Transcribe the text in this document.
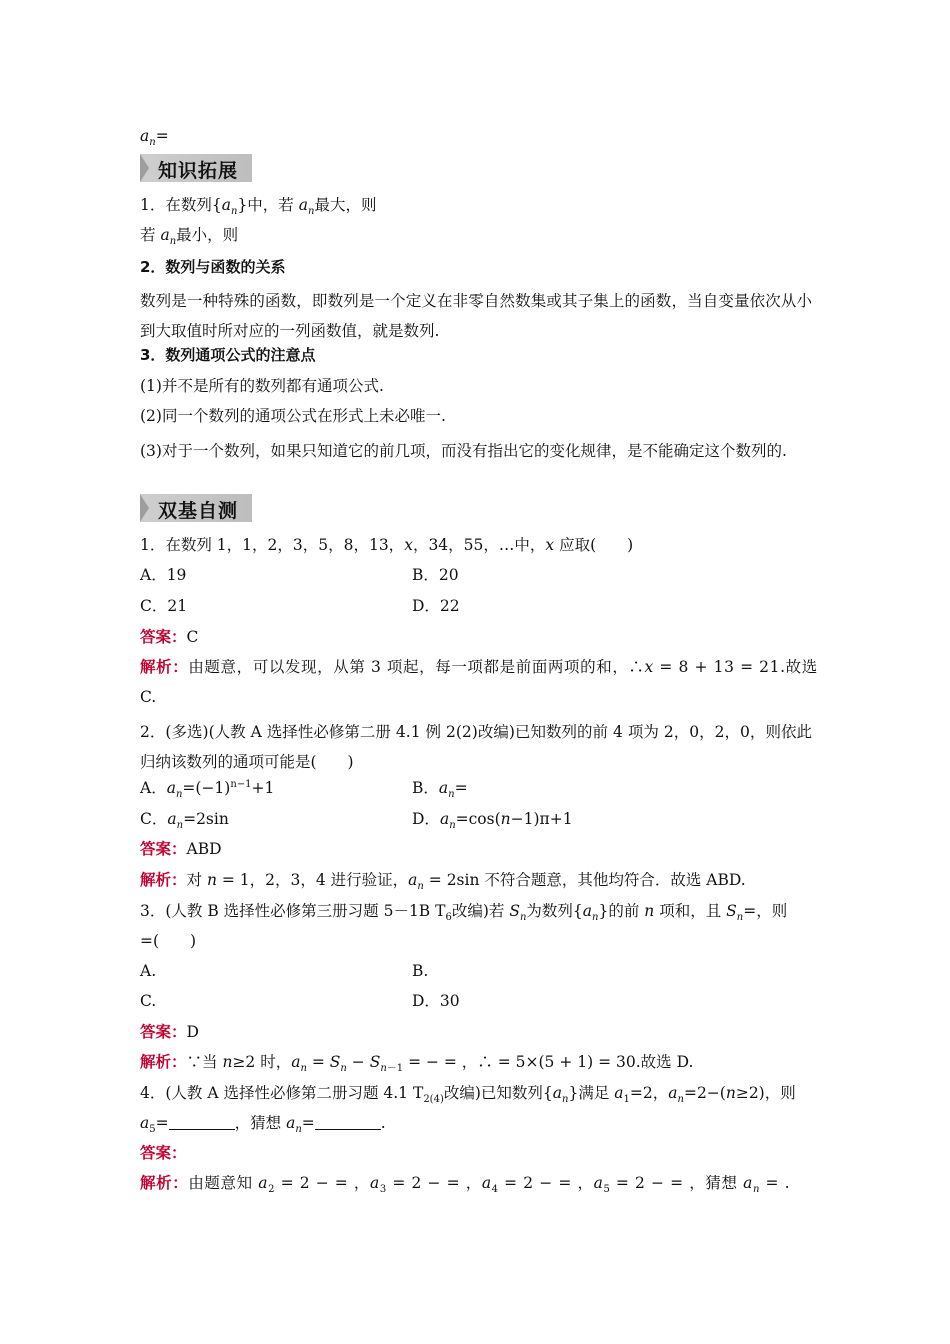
$a_n=$
知识拓展
1．在数列$\{a_n\}$中，若 $a_n$最大，则
若 $a_n$最小，则
2．数列与函数的关系
数列是一种特殊的函数，即数列是一个定义在非零自然数集或其子集上的函数，当自变量依次从小到大取值时所对应的一列函数值，就是数列.
3．数列通项公式的注意点
(1)并不是所有的数列都有通项公式.
(2)同一个数列的通项公式在形式上未必唯一.
(3)对于一个数列，如果只知道它的前几项，而没有指出它的变化规律，是不能确定这个数列的.
双基自测
1．在数列 1，1，2，3，5，8，13，x，34，55，…中，x 应取(　　)
A．19	B．20
C．21	D．22
答案：C
解析：由题意，可以发现，从第 3 项起，每一项都是前面两项的和，∴x = 8 + 13 = 21.故选
C.
2．(多选)(人教 A 选择性必修第二册 4.1 例 2(2)改编)已知数列的前 4 项为 2，0，2，0，则依此归纳该数列的通项可能是(　　)
A．$a_n=(-1)^{n-1}+1$	B．$a_n=$
C．$a_n=2\sin$	D．$a_n=\cos(n-1)\pi+1$
答案：ABD
解析：对 n = 1，2，3，4 进行验证，$a_n = 2\sin$ 不符合题意，其他均符合．故选 ABD.
3．(人教 B 选择性必修第三册习题 5－1B $T_6$改编)若 $S_n$为数列$\{a_n\}$的前 n 项和，且 $S_n=$，则
=(　　)
A.	B.
C.	D．30
答案：D
解析：∵当 n≥2 时，$a_n = S_n - S_{n-1}$ = − = ，∴ = 5×(5 + 1) = 30.故选 D.
4．(人教 A 选择性必修第二册习题 4.1 $T_{2(4)}$改编)已知数列$\{a_n\}$满足 $a_1=2$，$a_n=2-(n\ge 2)$，则
$a_5=$	，猜想 $a_n=$	.
答案：
解析：由题意知 $a_2 = 2$ − = ，$a_3 = 2$ − = ，$a_4 = 2$ − = ，$a_5 = 2$ − = ，猜想 $a_n$ = .
